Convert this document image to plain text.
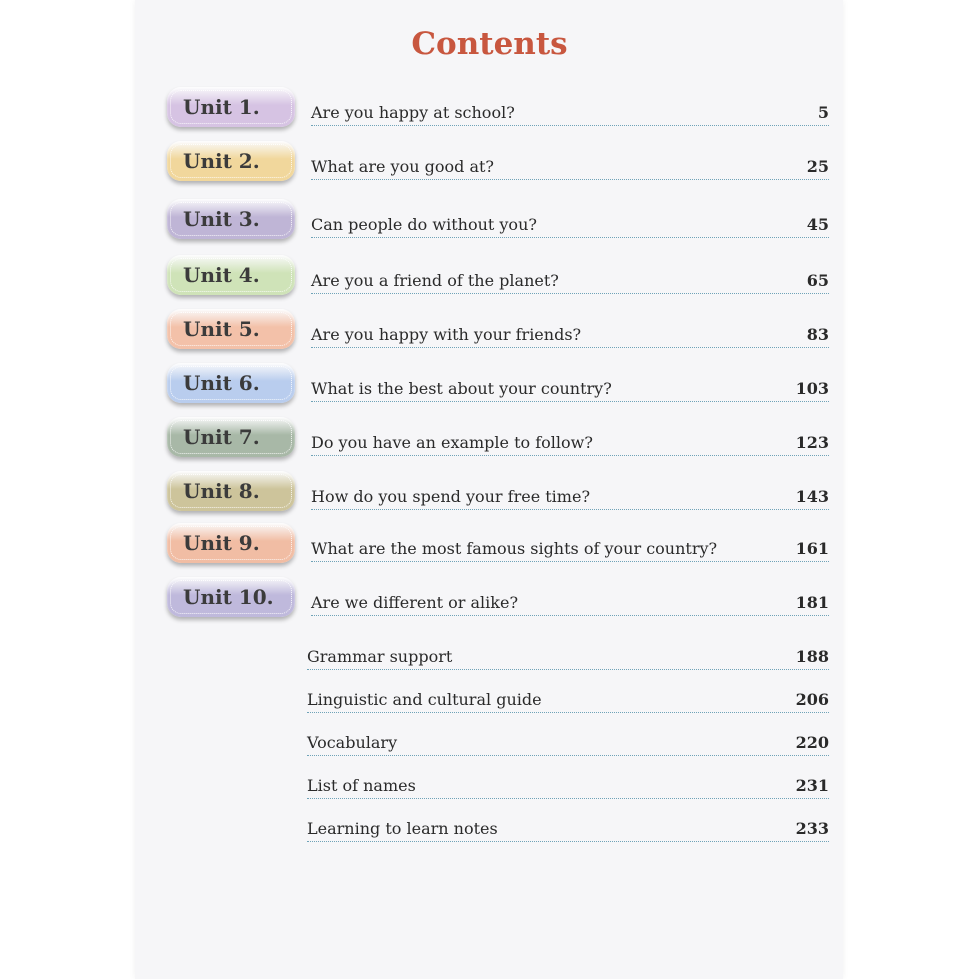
Contents
Unit 1.	Are you happy at school?	5
Unit 2.	What are you good at?	25
Unit 3.	Can people do without you?	45
Unit 4.	Are you a friend of the planet?	65
Unit 5.	Are you happy with your friends?	83
Unit 6.	What is the best about your country?	103
Unit 7.	Do you have an example to follow?	123
Unit 8.	How do you spend your free time?	143
Unit 9.	What are the most famous sights of your country?	161
Unit 10.	Are we different or alike?	181
Grammar support	188
Linguistic and cultural guide	206
Vocabulary	220
List of names	231
Learning to learn notes	233
